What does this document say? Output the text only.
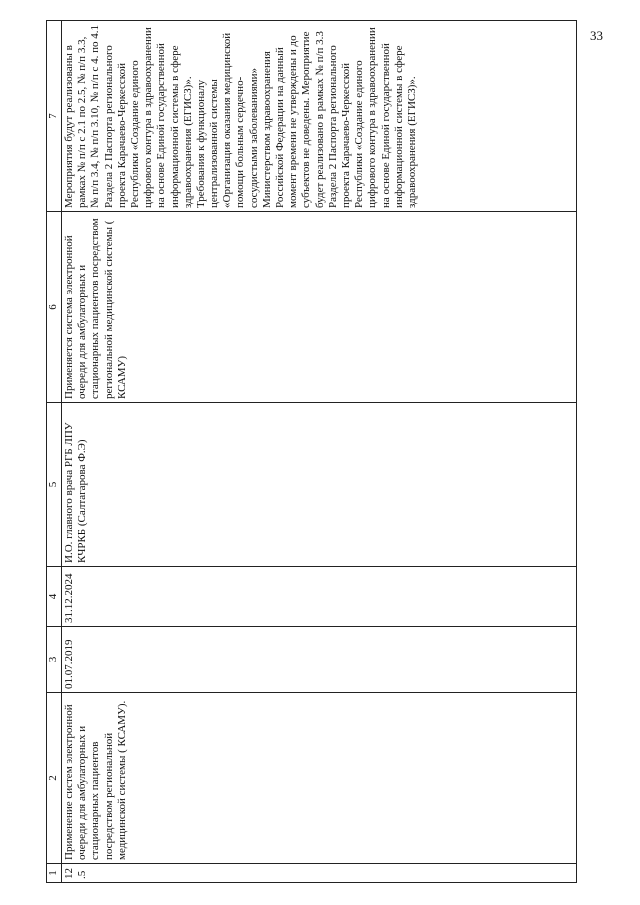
33
1	2	3	4	5	6	7
12.5	Применение систем электронной очереди для амбулаторных и стационарных пациентов посредством региональной медицинской системы ( КСАМУ).	01.07.2019	31.12.2024	И.О. главного врача РГБ ЛПУ КЧРКБ (Салтагарова Ф.Э)	Применяется система электронной очереди для амбулаторных и стационарных пациентов посредством региональной медицинской системы ( КСАМУ)	Мероприятия будут реализованы в рамках № п/п с 2.1 по 2.5, № п/п 3.3, № п/п 3.4, № п/п 3.10, № п/п с 4. по 4.1 Раздела 2 Паспорта регионального проекта Карачаево-Черкесской Республики «Создание единого цифрового контура в здравоохранении на основе Единой государственной информационной системы в сфере здравоохранения (ЕГИСЗ)». Требования к функционалу централизованной системы «Организация оказания медицинской помощи больным сердечно-сосудистыми заболеваниями» Министерством здравоохранения Российской Федерации на данный момент времени не утверждены и до субъектов не доведены. Мероприятие будет реализовано в рамках № п/п 3.3 Раздела 2 Паспорта регионального проекта Карачаево-Черкесской Республики «Создание единого цифрового контура в здравоохранении на основе Единой государственной информационной системы в сфере здравоохранения (ЕГИСЗ)».
